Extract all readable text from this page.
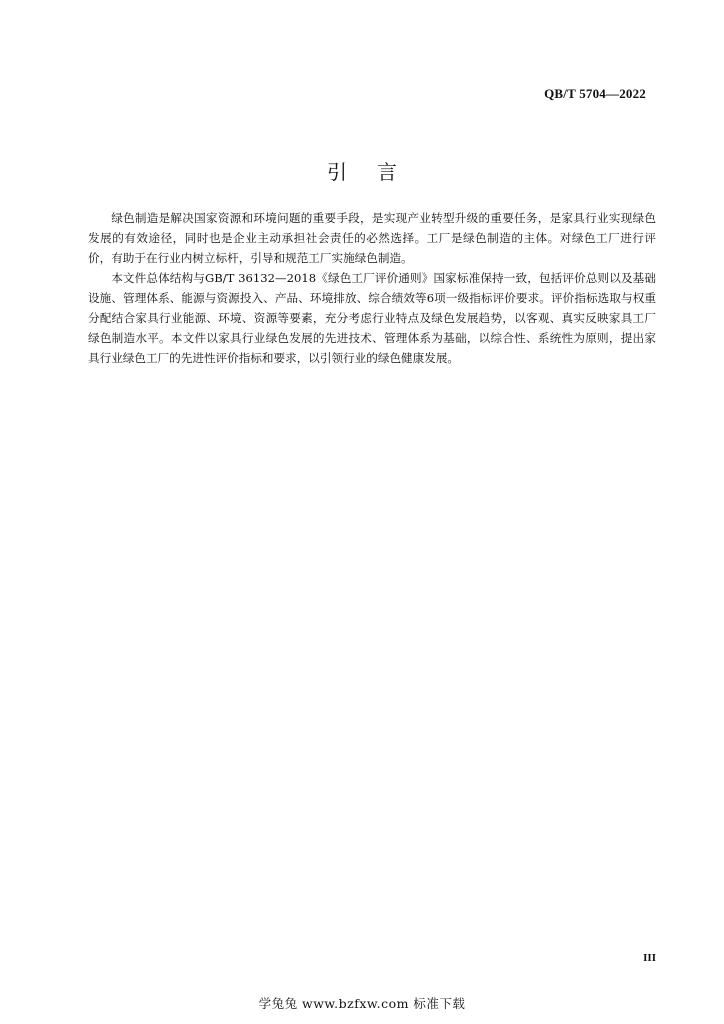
QB/T 5704—2022
引言

绿色制造是解决国家资源和环境问题的重要手段，是实现产业转型升级的重要任务，是家具行业实现绿色发展的有效途径，同时也是企业主动承担社会责任的必然选择。工厂是绿色制造的主体。对绿色工厂进行评价，有助于在行业内树立标杆，引导和规范工厂实施绿色制造。

本文件总体结构与GB/T 36132—2018《绿色工厂评价通则》国家标准保持一致，包括评价总则以及基础设施、管理体系、能源与资源投入、产品、环境排放、综合绩效等6项一级指标评价要求。评价指标选取与权重分配结合家具行业能源、环境、资源等要素，充分考虑行业特点及绿色发展趋势，以客观、真实反映家具工厂绿色制造水平。本文件以家具行业绿色发展的先进技术、管理体系为基础，以综合性、系统性为原则，提出家具行业绿色工厂的先进性评价指标和要求，以引领行业的绿色健康发展。

III
学兔兔 www.bzfxw.com 标准下载
